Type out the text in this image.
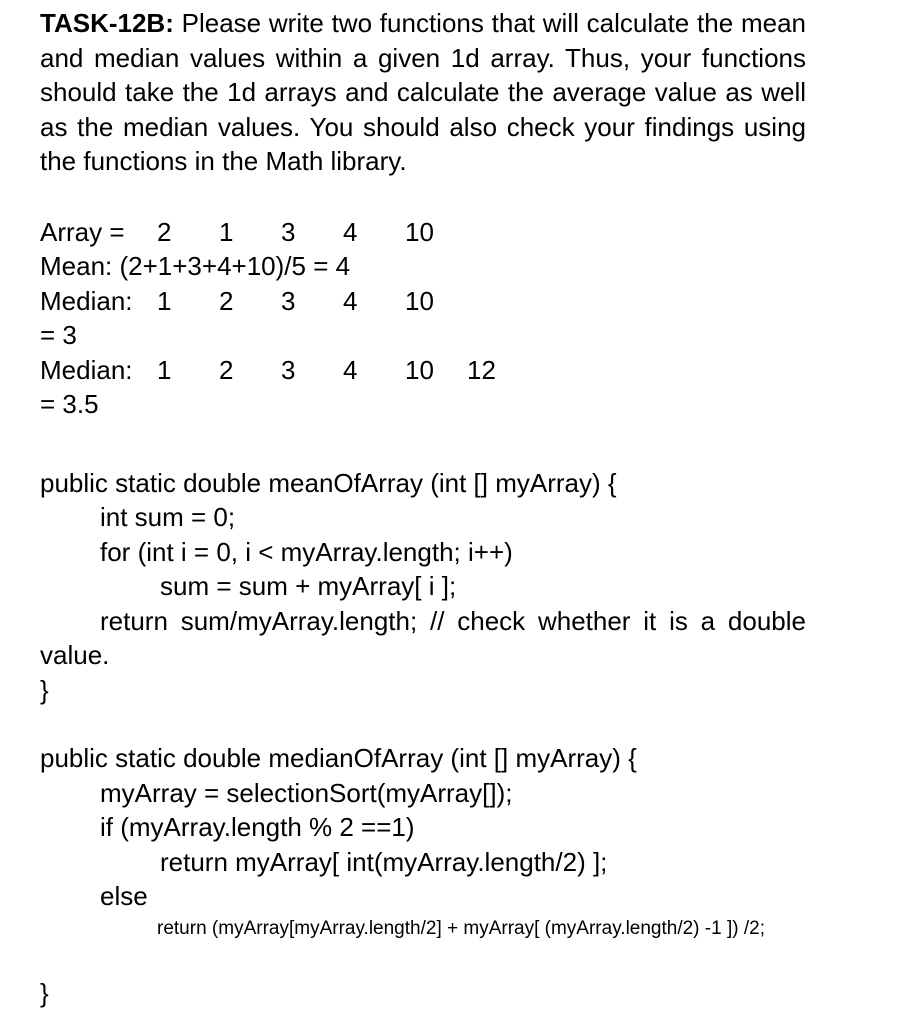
TASK-12B: Please write two functions that will calculate the mean and median values within a given 1d array. Thus, your functions should take the 1d arrays and calculate the average value as well as the median values. You should also check your findings using the functions in the Math library.
Array =	2	1	3	4	10
Mean: (2+1+3+4+10)/5 = 4
Median: 1	2	3	4	10
= 3
Median: 1	2	3	4	10	12
= 3.5
public static double meanOfArray (int [] myArray) {
int sum = 0;
for (int i = 0, i < myArray.length; i++)
sum = sum + myArray[ i ];
return sum/myArray.length; // check whether it is a double
value.
}
public static double medianOfArray (int [] myArray) {
myArray = selectionSort(myArray[]);
if (myArray.length % 2 ==1)
return myArray[ int(myArray.length/2) ];
else
return (myArray[myArray.length/2] + myArray[ (myArray.length/2) -1 ]) /2;
}
